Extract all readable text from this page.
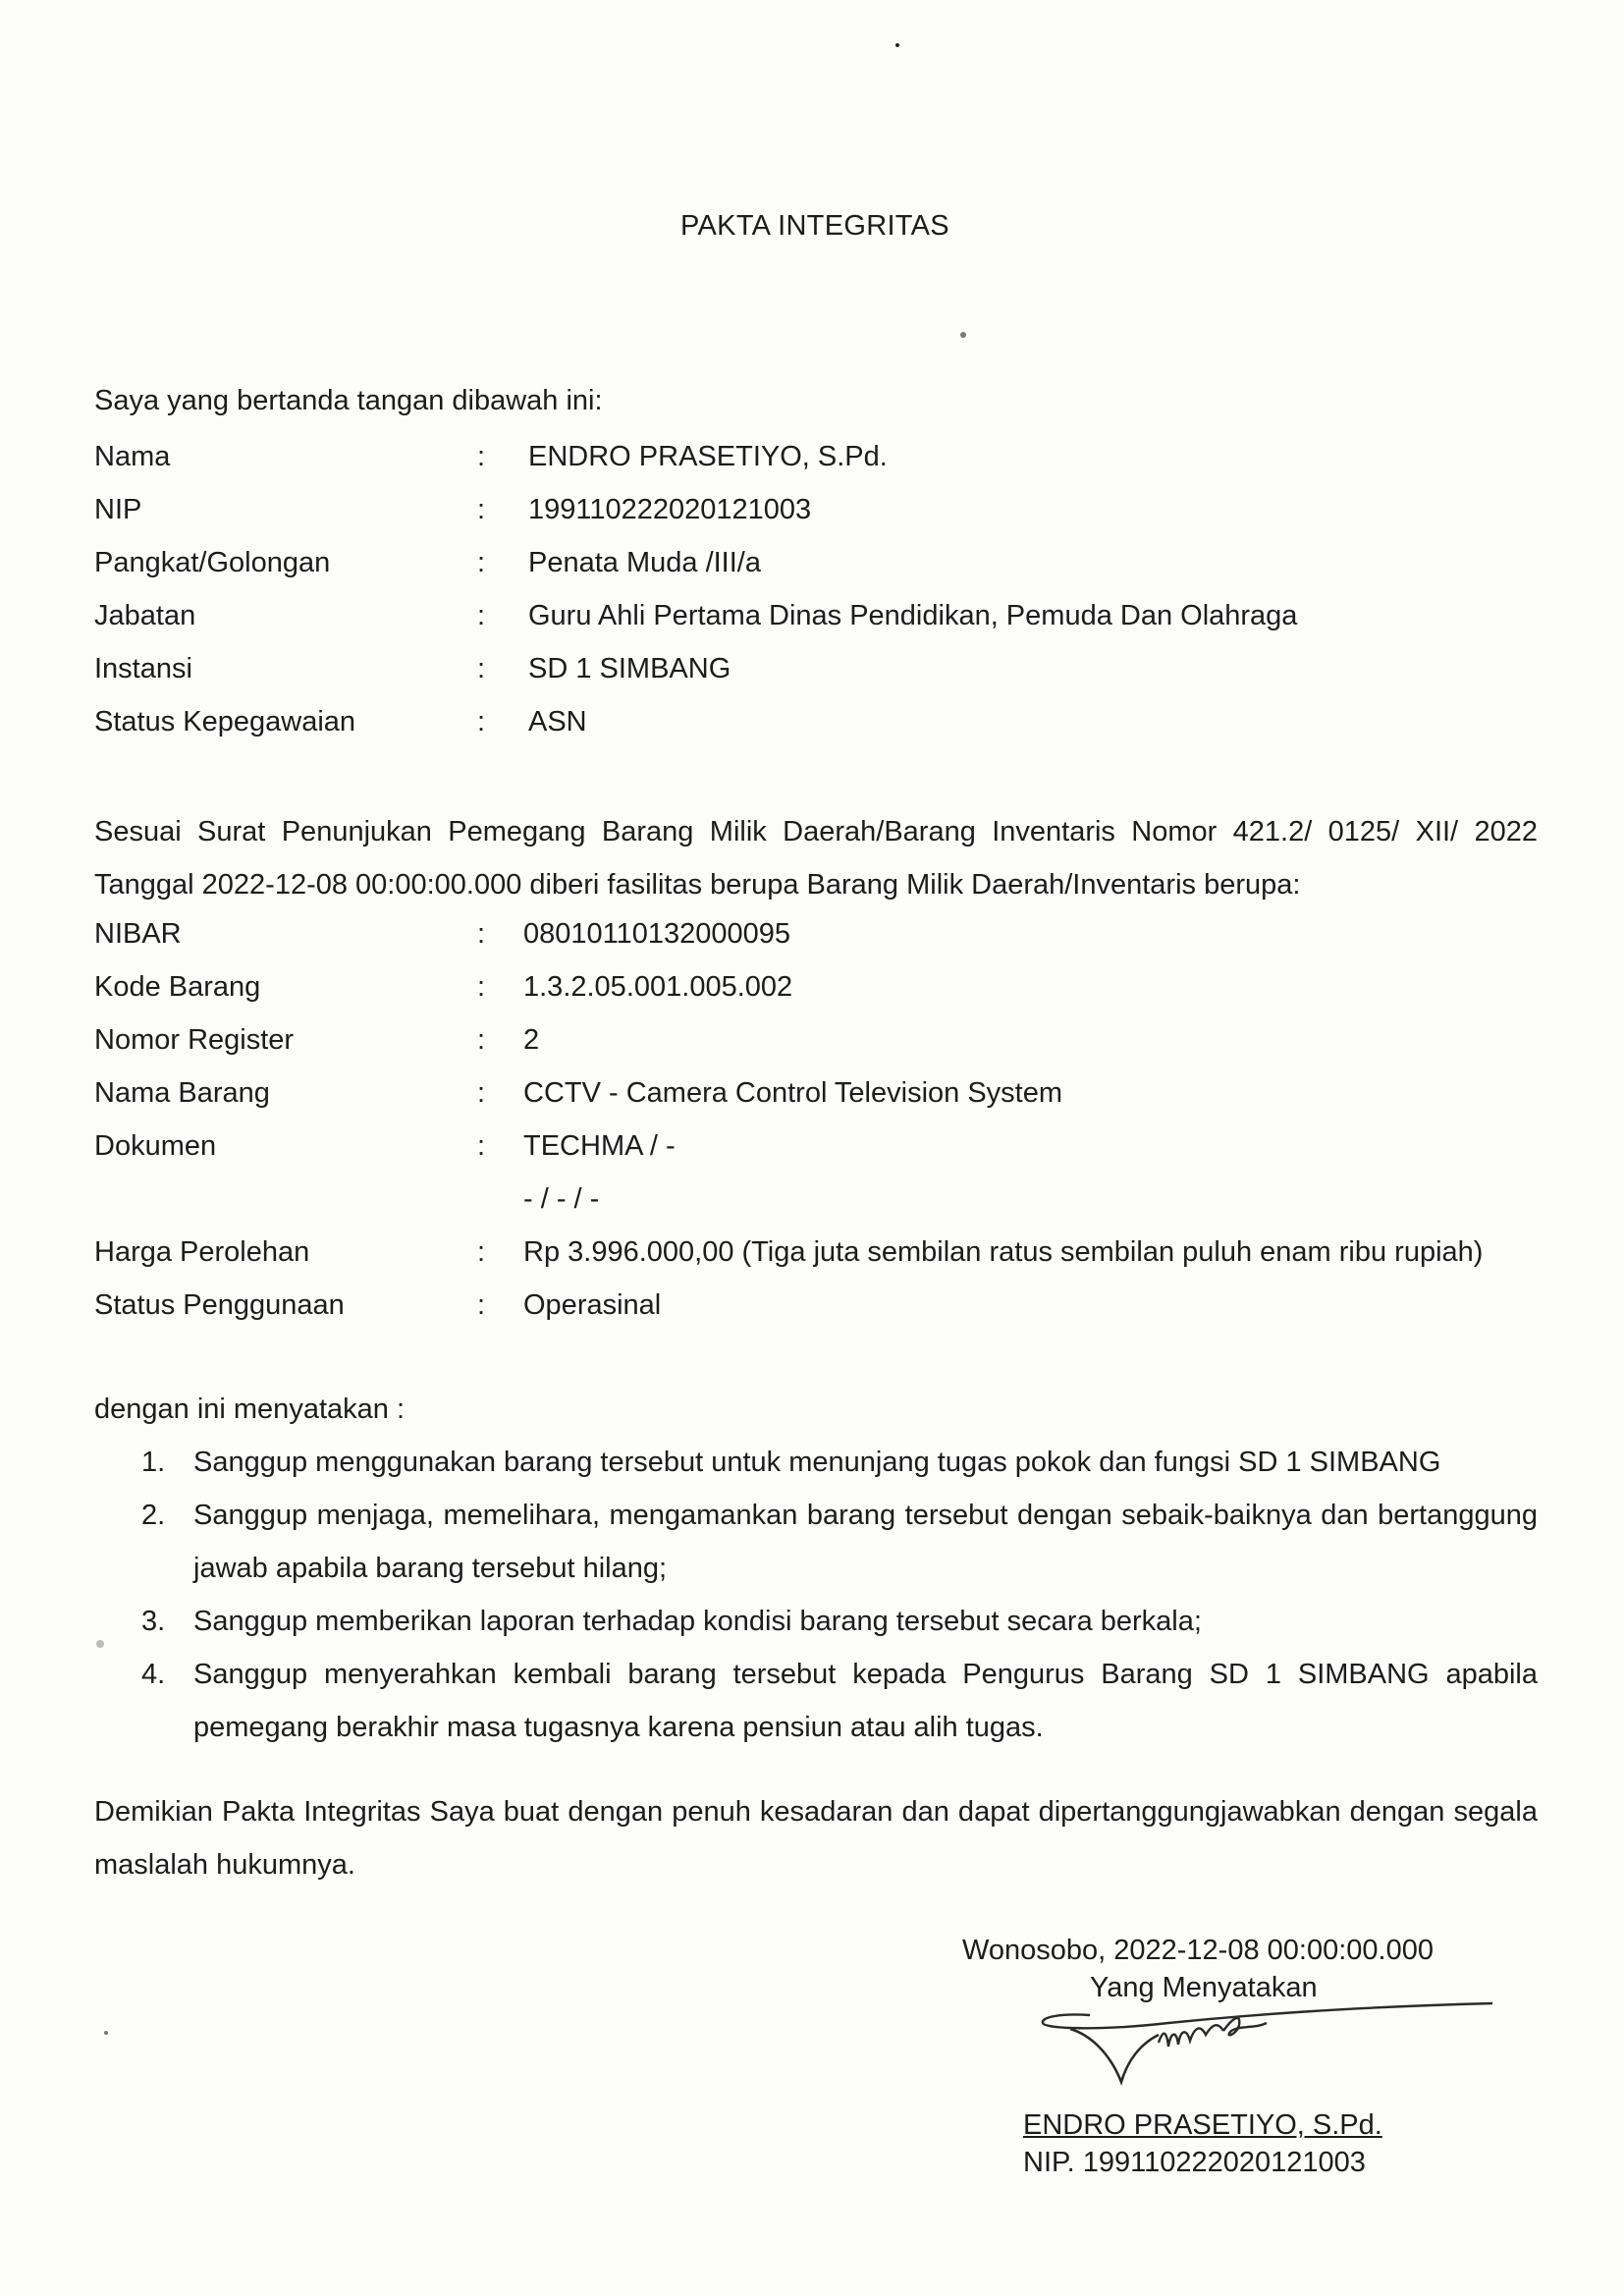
PAKTA INTEGRITAS
Saya yang bertanda tangan dibawah ini:
Nama	: ENDRO PRASETIYO, S.Pd.
NIP	: 199110222020121003
Pangkat/Golongan	: Penata Muda /III/a
Jabatan	: Guru Ahli Pertama Dinas Pendidikan, Pemuda Dan Olahraga
Instansi	: SD 1 SIMBANG
Status Kepegawaian	: ASN
Sesuai Surat Penunjukan Pemegang Barang Milik Daerah/Barang Inventaris Nomor 421.2/ 0125/ XII/ 2022 Tanggal 2022-12-08 00:00:00.000 diberi fasilitas berupa Barang Milik Daerah/Inventaris berupa:
NIBAR	: 08010110132000095
Kode Barang	: 1.3.2.05.001.005.002
Nomor Register	: 2
Nama Barang	: CCTV - Camera Control Television System
Dokumen	: TECHMA / -
- / - / -
Harga Perolehan	: Rp 3.996.000,00 (Tiga juta sembilan ratus sembilan puluh enam ribu rupiah)
Status Penggunaan	: Operasinal
dengan ini menyatakan :
1. Sanggup menggunakan barang tersebut untuk menunjang tugas pokok dan fungsi SD 1 SIMBANG
2. Sanggup menjaga, memelihara, mengamankan barang tersebut dengan sebaik-baiknya dan bertanggung jawab apabila barang tersebut hilang;
3. Sanggup memberikan laporan terhadap kondisi barang tersebut secara berkala;
4. Sanggup menyerahkan kembali barang tersebut kepada Pengurus Barang SD 1 SIMBANG apabila pemegang berakhir masa tugasnya karena pensiun atau alih tugas.
Demikian Pakta Integritas Saya buat dengan penuh kesadaran dan dapat dipertanggungjawabkan dengan segala maslalah hukumnya.
Wonosobo, 2022-12-08 00:00:00.000
Yang Menyatakan
ENDRO PRASETIYO, S.Pd.
NIP. 199110222020121003
